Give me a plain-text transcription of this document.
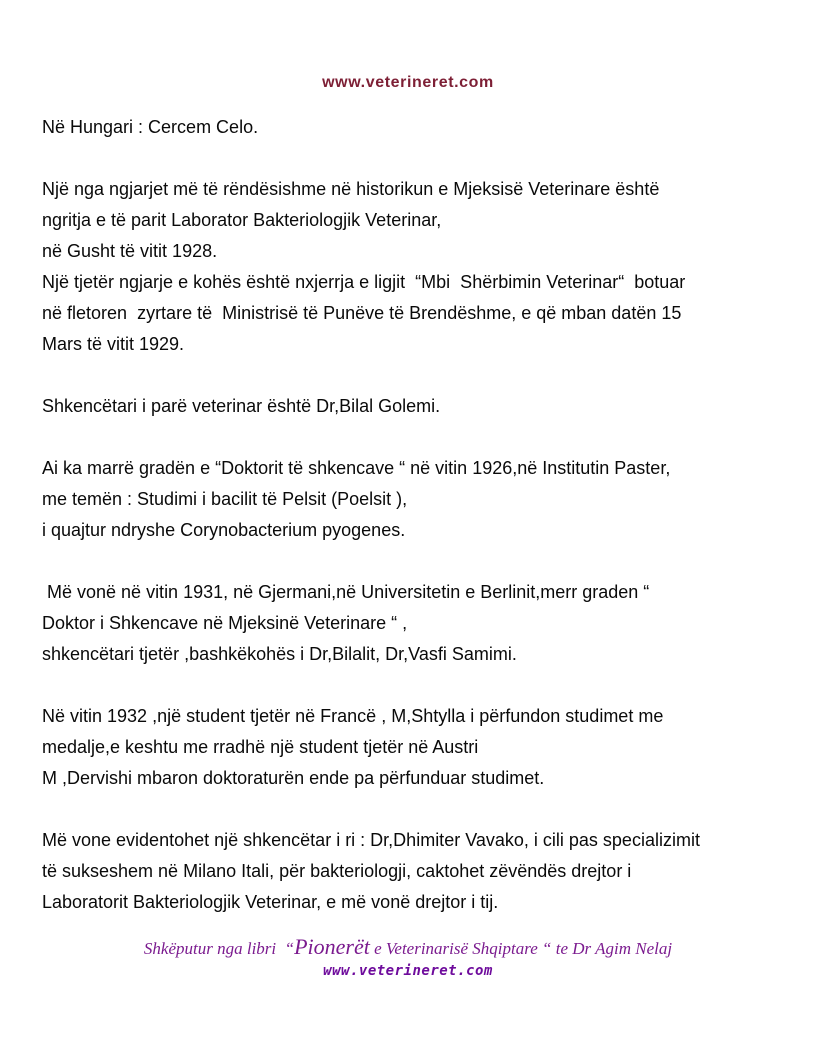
www.veterineret.com
Në Hungari : Cercem Celo.
Një nga ngjarjet më të rëndësishme në historikun e Mjeksisë Veterinare është
ngritja e të parit Laborator Bakteriologjik Veterinar,
në Gusht të vitit 1928.
Një tjetër ngjarje e kohës është nxjerrja e ligjit  “Mbi  Shërbimin Veterinar“  botuar
në fletoren  zyrtare të  Ministrisë të Punëve të Brendëshme, e që mban datën 15
Mars të vitit 1929.
Shkencëtari i parë veterinar është Dr,Bilal Golemi.
Ai ka marrë gradën e “Doktorit të shkencave “ në vitin 1926,në Institutin Paster,
me temën : Studimi i bacilit të Pelsit (Poelsit ),
i quajtur ndryshe Corynobacterium pyogenes.
Më vonë në vitin 1931, në Gjermani,në Universitetin e Berlinit,merr graden “
Doktor i Shkencave në Mjeksinë Veterinare “ ,
shkencëtari tjetër ,bashkëkohës i Dr,Bilalit, Dr,Vasfi Samimi.
Në vitin 1932 ,një student tjetër në Francë , M,Shtylla i përfundon studimet me
medalje,e keshtu me rradhë një student tjetër në Austri
M ,Dervishi mbaron doktoraturën ende pa përfunduar studimet.
Më vone evidentohet një shkencëtar i ri : Dr,Dhimiter Vavako, i cili pas specializimit
të sukseshem në Milano Itali, për bakteriologji, caktohet zëvëndës drejtor i
Laboratorit Bakteriologjik Veterinar, e më vonë drejtor i tij.
Shkëputur nga libri  “Pionerët e Veterinarisë Shqiptare “ te Dr Agim Nelaj
www.veterineret.com
